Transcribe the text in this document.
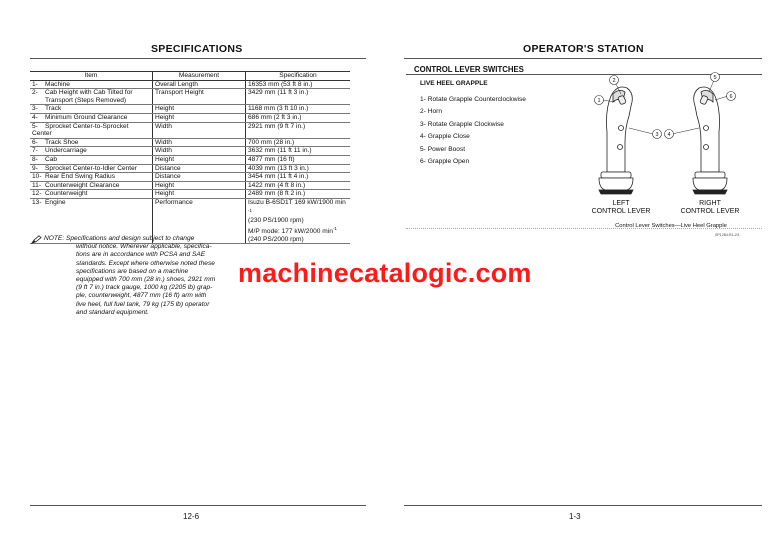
SPECIFICATIONS
Item	Measurement	Specification
1- Machine	Overall Length	16353 mm (53 ft 8 in.)
2- Cab Height with Cab Tilted for
Transport (Steps Removed)	Transport Height	3429 mm (11 ft 3 in.)
3- Track	Height	1168 mm (3 ft 10 in.)
4- Minimum Ground Clearance	Height	686 mm (2 ft 3 in.)
5- Sprocket Center-to-Sprocket Center	Width	2921 mm (9 ft 7 in.)
6- Track Shoe	Width	700 mm (28 in.)
7- Undercarriage	Width	3632 mm (11 ft 11 in.)
8- Cab	Height	4877 mm (16 ft)
9- Sprocket Center-to-Idler Center	Distance	4039 mm (13 ft 3 in.)
10- Rear End Swing Radius	Distance	3454 mm (11 ft 4 in.)
11- Counterweight Clearance	Height	1422 mm (4 ft 8 in.)
12- Counterweight	Height	2489 mm (8 ft 2 in.)
13- Engine	Performance	Isuzu B-6SD1T 169 kW/1900 min $^{-1}$
(230 PS/1900 rpm)
M/P mode: 177 kW/2000 $\min^{-1}$
(240 PS/2000 rpm)
NOTE: Specifications and design subject to change
without notice. Wherever applicable, specifica-
tions are in accordance with PCSA and SAE
standards. Except where otherwise noted these
specifications are based on a machine
equipped with 700 mm (28 in.) shoes, 2921 mm
(9 ft 7 in.) track gauge, 1000 kg (2205 lb) grap-
ple, counterweight, 4877 mm (16 ft) arm with
live heel, full fuel tank, 79 kg (175 lb) operator
and standard equipment.
12-6
OPERATOR'S STATION
1-3
CONTROL LEVER SWITCHES
LIVE HEEL GRAPPLE
1- Rotate Grapple Counterclockwise
2- Horn
3- Rotate Grapple Clockwise
4- Grapple Close
5- Power Boost
6- Grapple Open
1
2
3 4
5
6
LEFT
CONTROL LEVER
RIGHT
CONTROL LEVER
Control Lever Switches—Live Heel Grapple
SP1284-R1-2/1
machinecatalogic.com
